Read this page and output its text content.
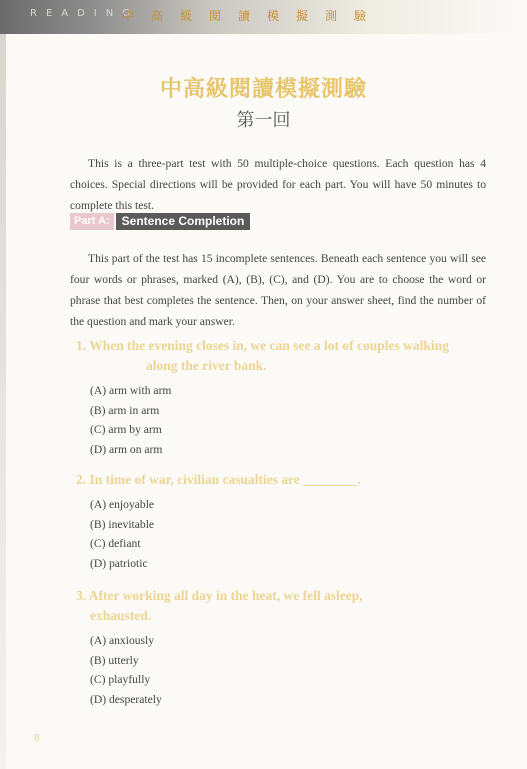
READING
中高級閱讀模擬測驗
中高級閱讀模擬測驗
第一回

This is a three-part test with 50 multiple-choice questions. Each question has 4 choices. Special directions will be provided for each part. You will have 50 minutes to complete this test.

Part A:	Sentence Completion

This part of the test has 15 incomplete sentences. Beneath each sentence you will see four words or phrases, marked (A), (B), (C), and (D). You are to choose the word or phrase that best completes the sentence. Then, on your answer sheet, find the number of the question and mark your answer.

1. When the evening closes in, we can see a lot of couples walking
along the river bank.
(A) arm with arm
(B) arm in arm
(C) arm by arm
(D) arm on arm
2. In time of war, civilian casualties are ________.
(A) enjoyable
(B) inevitable
(C) defiant
(D) patriotic
3. After working all day in the heat, we fell asleep,
exhausted.
(A) anxiously
(B) utterly
(C) playfully
(D) desperately
8
